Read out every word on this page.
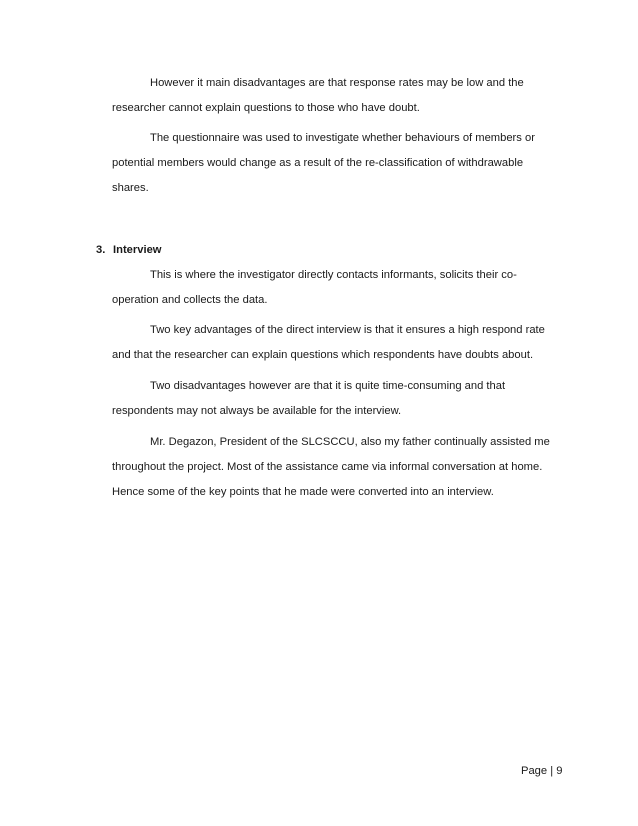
However it main disadvantages are that response rates may be low and the
researcher cannot explain questions to those who have doubt.
The questionnaire was used to investigate whether behaviours of members or
potential members would change as a result of the re-classification of withdrawable
shares.
3. Interview
This is where the investigator directly contacts informants, solicits their co-
operation and collects the data.
Two key advantages of the direct interview is that it ensures a high respond rate
and that the researcher can explain questions which respondents have doubts about.
Two disadvantages however are that it is quite time-consuming and that
respondents may not always be available for the interview.
Mr. Degazon, President of the SLCSCCU, also my father continually assisted me
throughout the project. Most of the assistance came via informal conversation at home.
Hence some of the key points that he made were converted into an interview.
Page | 9
